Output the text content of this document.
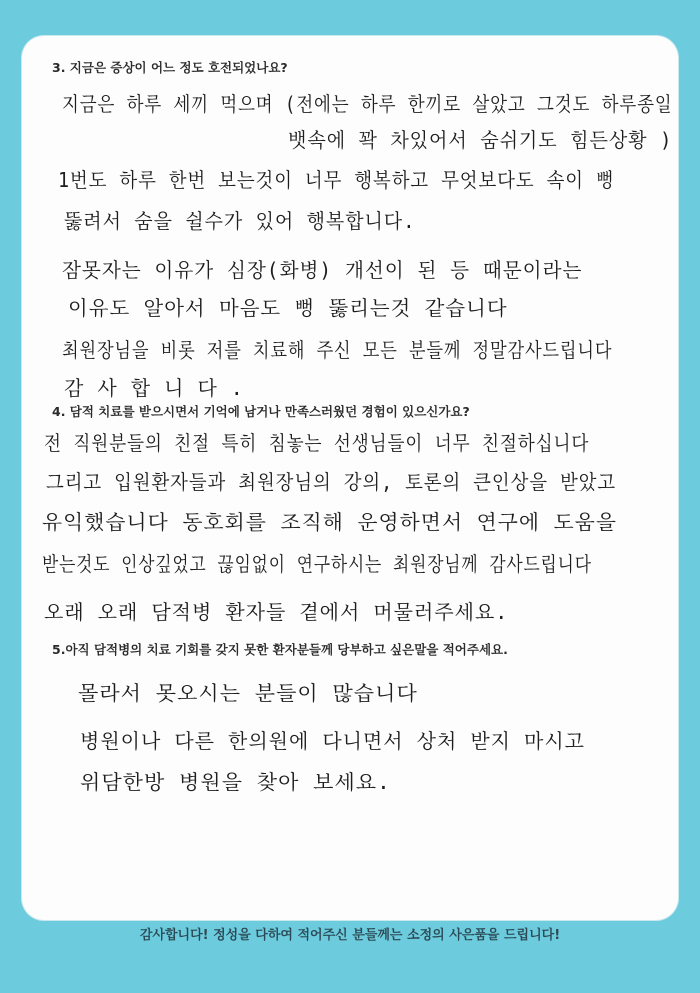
3. 지금은 증상이 어느 정도 호전되었나요?
지금은 하루 세끼 먹으며 (전에는 하루 한끼로 살았고 그것도 하루종일
뱃속에 꽉 차있어서 숨쉬기도 힘든상황 )
1번도 하루 한번 보는것이 너무 행복하고 무엇보다도 속이 뻥
뚫려서 숨을 쉴수가 있어 행복합니다.
잠못자는 이유가 심장(화병) 개선이 된 등 때문이라는
이유도 알아서 마음도 뻥 뚫리는것 같습니다
최원장님을 비롯 저를 치료해 주신 모든 분들께 정말감사드립니다
감 사 합 니 다 .
4. 담적 치료를 받으시면서 기억에 남거나 만족스러웠던 경험이 있으신가요?
전 직원분들의 친절 특히 침놓는 선생님들이 너무 친절하십니다
그리고 입원환자들과 최원장님의 강의, 토론의 큰인상을 받았고
유익했습니다 동호회를 조직해 운영하면서 연구에 도움을
받는것도 인상깊었고 끊임없이 연구하시는 최원장님께 감사드립니다
오래 오래 담적병 환자들 곁에서 머물러주세요.
5.아직 담적병의 치료 기회를 갖지 못한 환자분들께 당부하고 싶은말을 적어주세요.
몰라서 못오시는 분들이 많습니다
병원이나 다른 한의원에 다니면서 상처 받지 마시고
위담한방 병원을 찾아 보세요.
감사합니다! 정성을 다하여 적어주신 분들께는 소정의 사은품을 드립니다!
